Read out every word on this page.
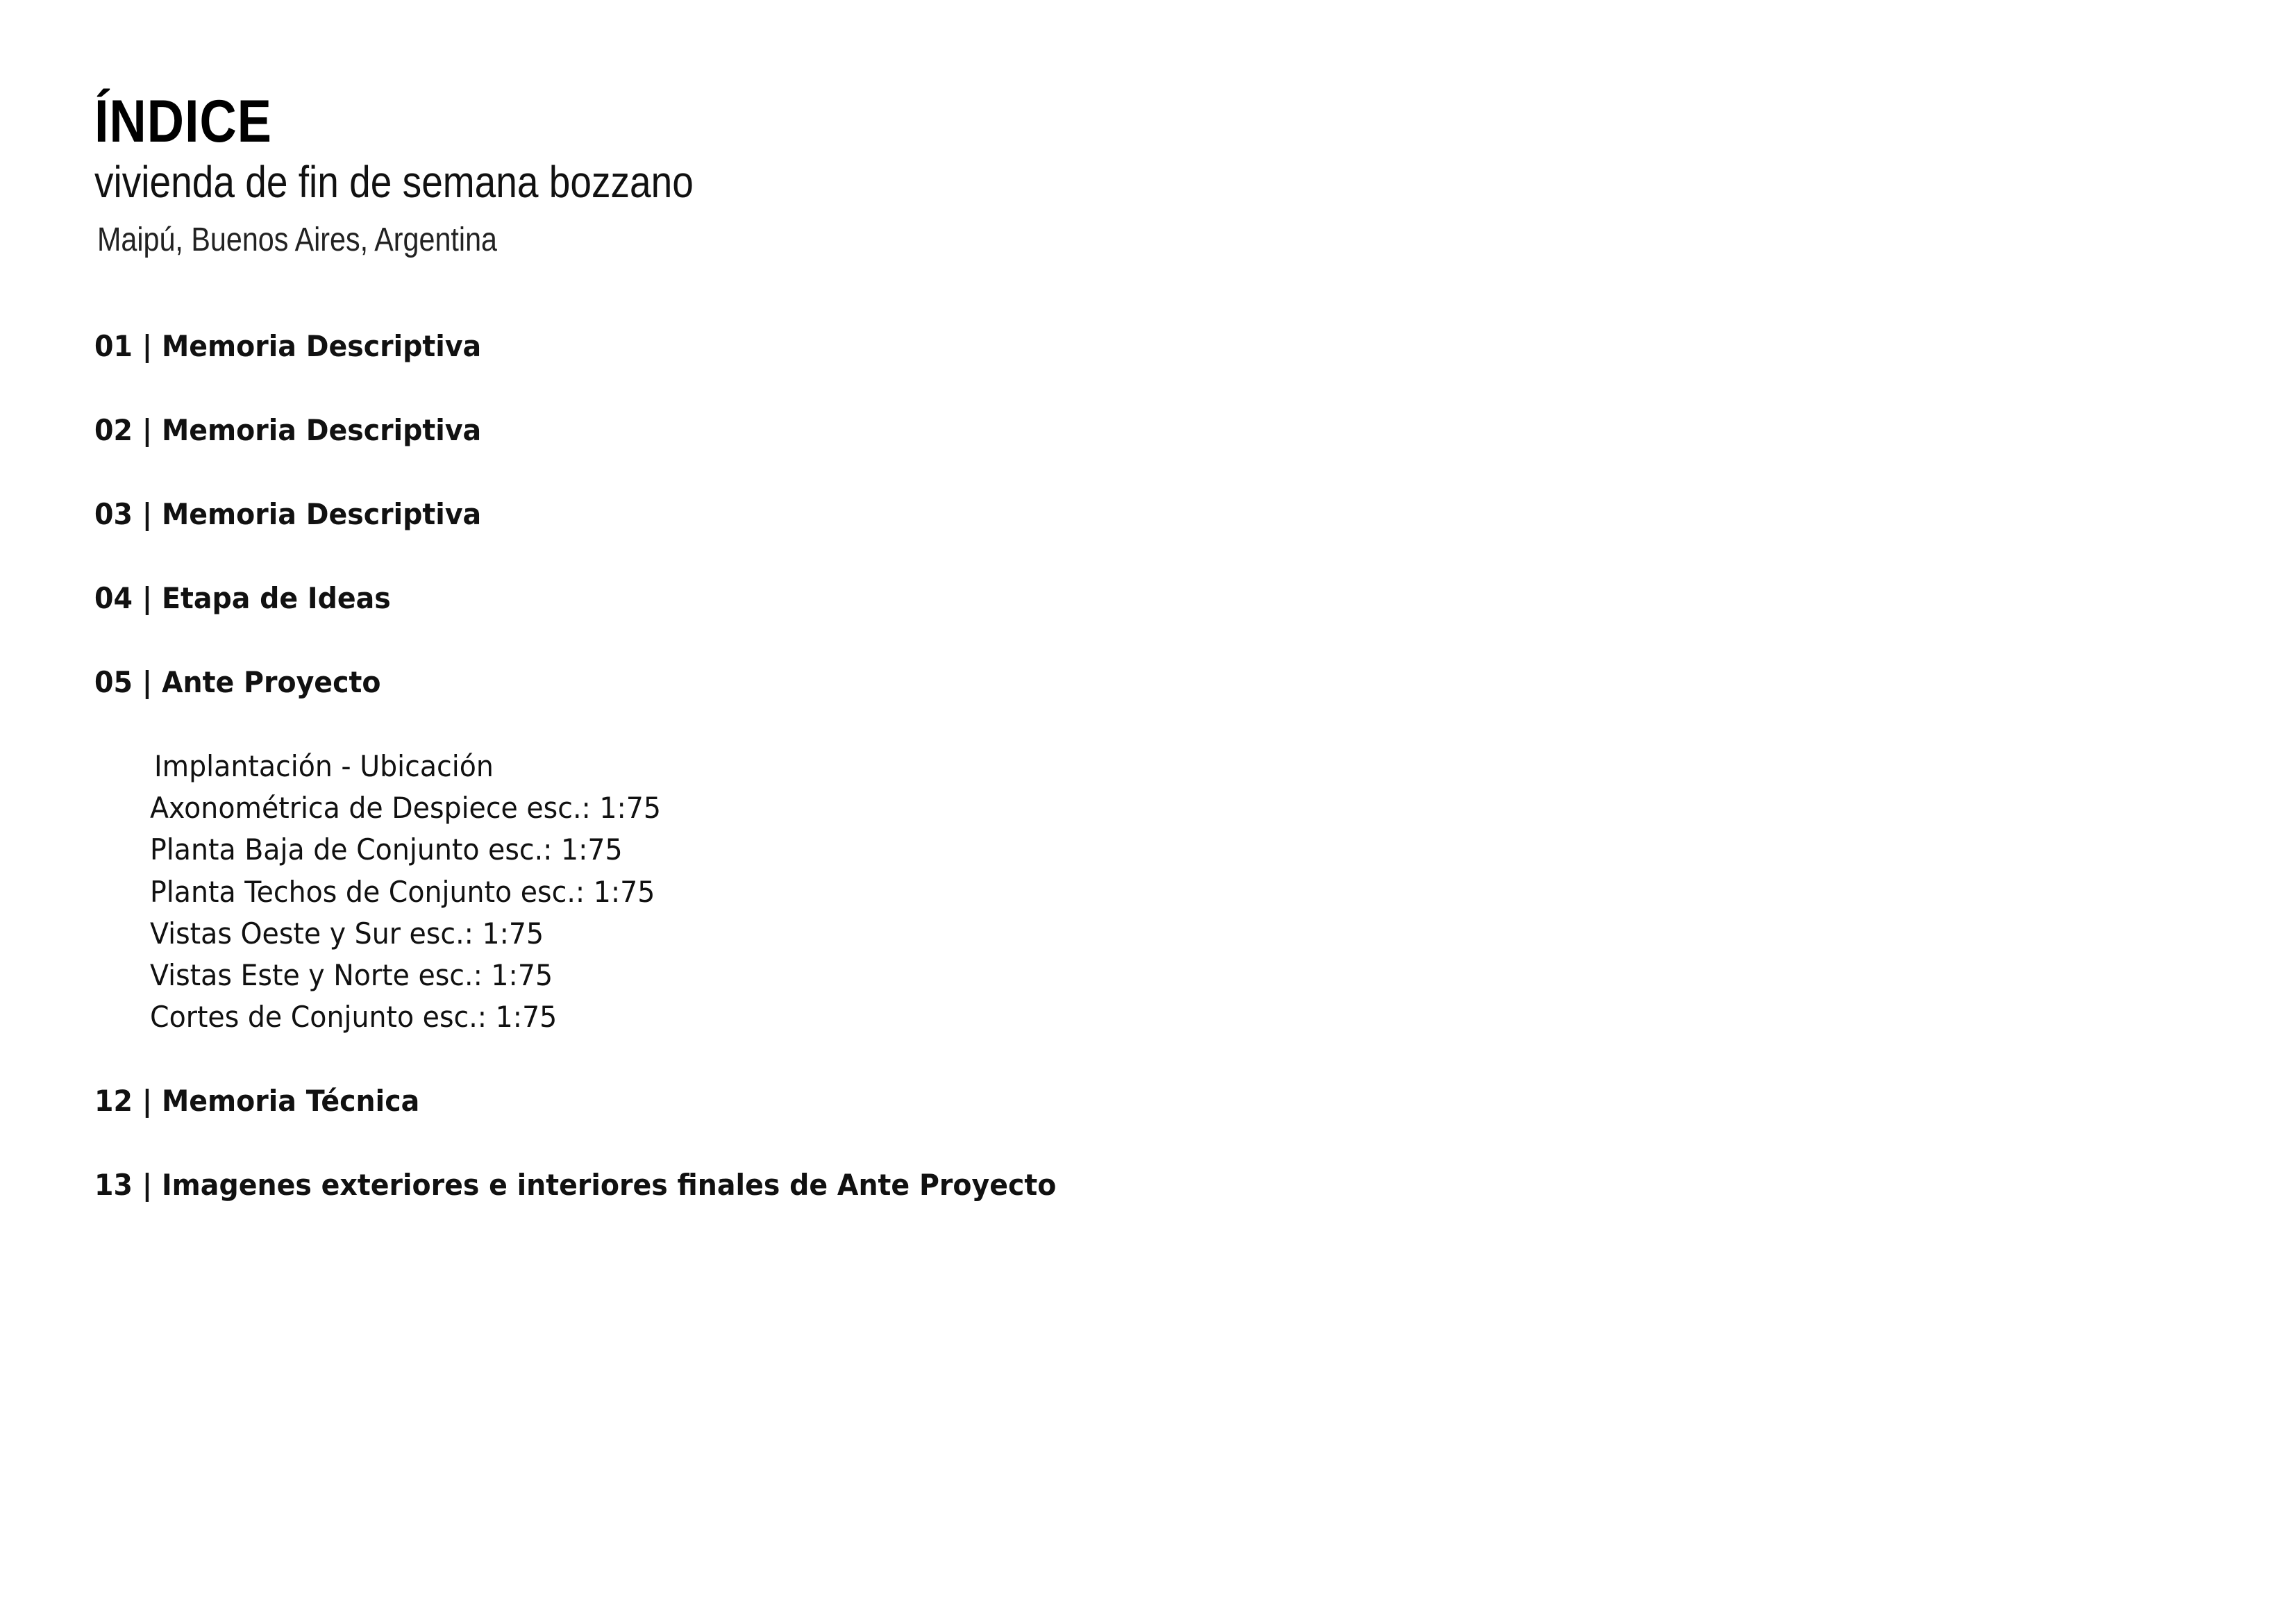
ÍNDICE
vivienda de fin de semana bozzano
Maipú, Buenos Aires, Argentina
01 | Memoria Descriptiva
02 | Memoria Descriptiva
03 | Memoria Descriptiva
04 | Etapa de Ideas
05 | Ante Proyecto
Implantación - Ubicación
Axonométrica de Despiece esc.: 1:75
Planta Baja de Conjunto esc.: 1:75
Planta Techos de Conjunto esc.: 1:75
Vistas Oeste y Sur esc.: 1:75
Vistas Este y Norte esc.: 1:75
Cortes de Conjunto esc.: 1:75
12 | Memoria Técnica
13 | Imagenes exteriores e interiores finales de Ante Proyecto
